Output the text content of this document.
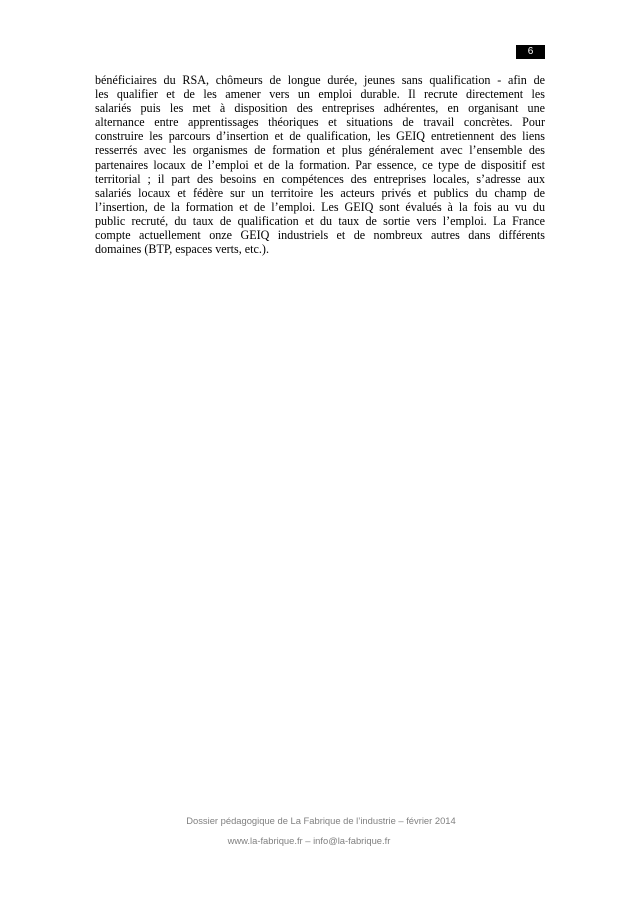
6

bénéficiaires du RSA, chômeurs de longue durée, jeunes sans qualification - afin de
les qualifier et de les amener vers un emploi durable. Il recrute directement les
salariés puis les met à disposition des entreprises adhérentes, en organisant une
alternance entre apprentissages théoriques et situations de travail concrètes. Pour
construire les parcours d’insertion et de qualification, les GEIQ entretiennent des liens
resserrés avec les organismes de formation et plus généralement avec l’ensemble des
partenaires locaux de l’emploi et de la formation. Par essence, ce type de dispositif est
territorial ; il part des besoins en compétences des entreprises locales, s’adresse aux
salariés locaux et fédère sur un territoire les acteurs privés et publics du champ de
l’insertion, de la formation et de l’emploi. Les GEIQ sont évalués à la fois au vu du
public recruté, du taux de qualification et du taux de sortie vers l’emploi. La France
compte actuellement onze GEIQ industriels et de nombreux autres dans différents
domaines (BTP, espaces verts, etc.).

Dossier pédagogique de La Fabrique de l’industrie – février 2014
www.la-fabrique.fr – info@la-fabrique.fr
